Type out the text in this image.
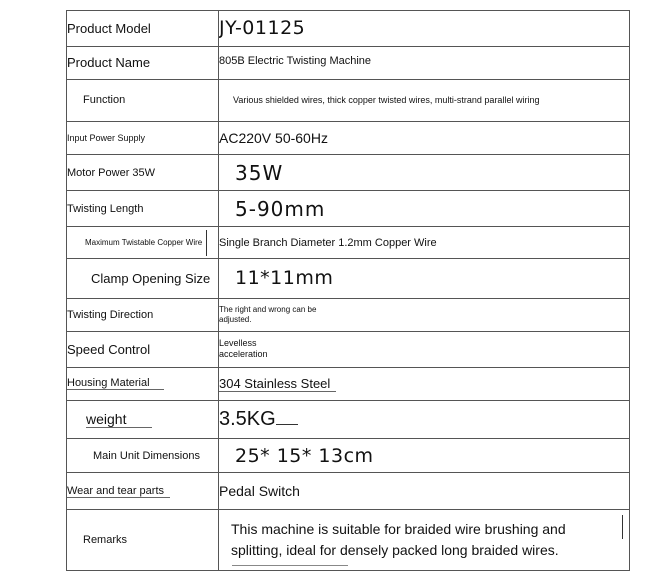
Product Model	JY-01125
Product Name	805B Electric Twisting Machine
Function	Various shielded wires, thick copper twisted wires, multi-strand parallel wiring
Input Power Supply	AC220V 50-60Hz
Motor Power 35W	35W
Twisting Length	5-90mm
Maximum Twistable Copper Wire	Single Branch Diameter 1.2mm Copper Wire
Clamp Opening Size	11*11mm
Twisting Direction	The right and wrong can be adjusted.
Speed Control	Levelless acceleration
Housing Material	304 Stainless Steel
weight	3.5KG
Main Unit Dimensions	25* 15* 13cm
Wear and tear parts	Pedal Switch
Remarks	This machine is suitable for braided wire brushing and splitting, ideal for densely packed long braided wires.
